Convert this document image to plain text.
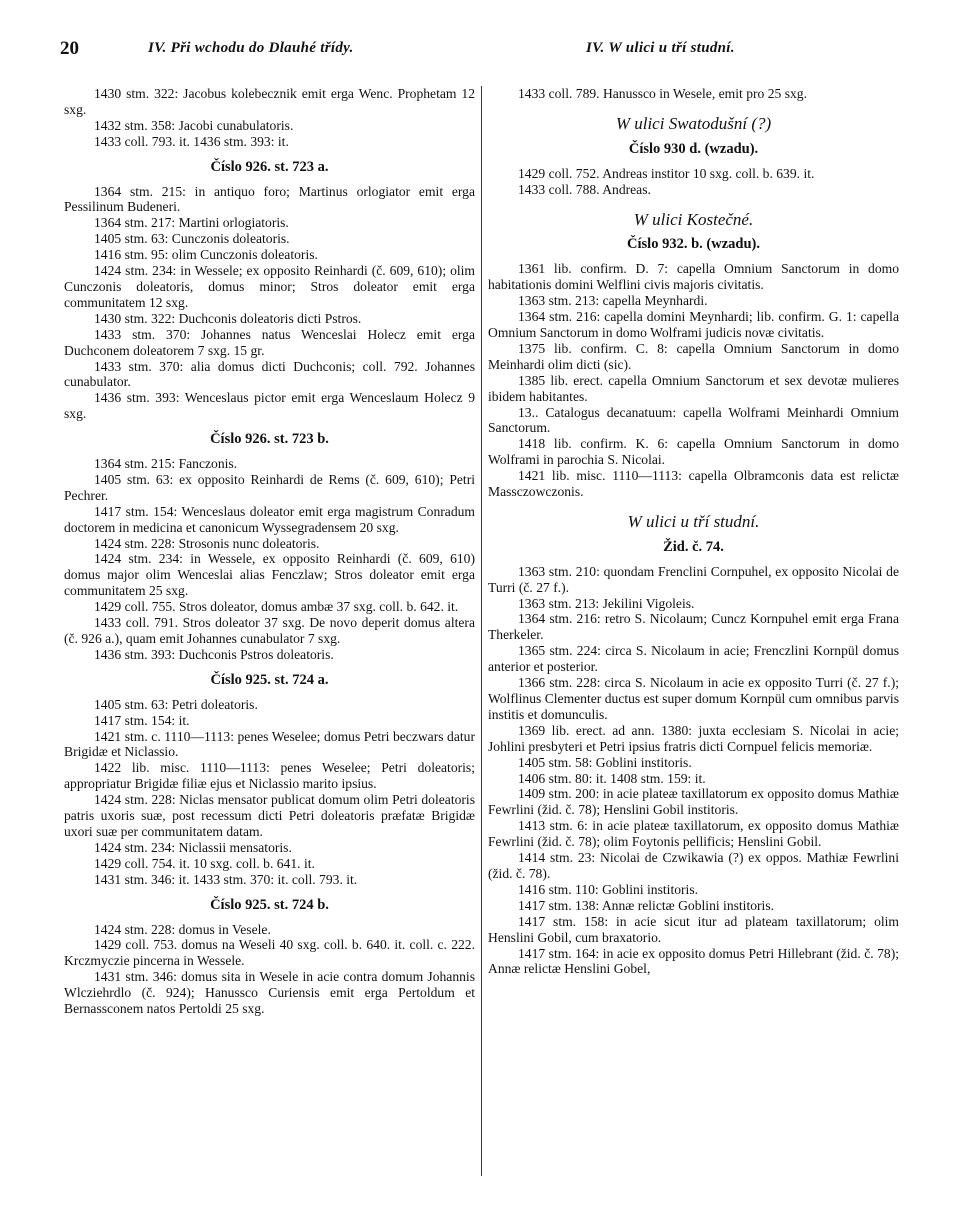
20	IV. Při wchodu do Dlauhé třídy.	IV. W ulici u tří studní.

1430 stm. 322: Jacobus kolebecznik emit erga Wenc. Prophetam 12 sxg.

1432 stm. 358: Jacobi cunabulatoris.

1433 coll. 793. it. 1436 stm. 393: it.

Číslo 926. st. 723 a.

1364 stm. 215: in antiquo foro; Martinus orlogiator emit erga Pessilinum Budeneri.

1364 stm. 217: Martini orlogiatoris.

1405 stm. 63: Cunczonis doleatoris.

1416 stm. 95: olim Cunczonis doleatoris.

1424 stm. 234: in Wessele; ex opposito Reinhardi (č. 609, 610); olim Cunczonis doleatoris, domus minor; Stros doleator emit erga communitatem 12 sxg.

1430 stm. 322: Duchconis doleatoris dicti Pstros.

1433 stm. 370: Johannes natus Wenceslai Holecz emit erga Duchconem doleatorem 7 sxg. 15 gr.

1433 stm. 370: alia domus dicti Duchconis; coll. 792. Johannes cunabulator.

1436 stm. 393: Wenceslaus pictor emit erga Wenceslaum Holecz 9 sxg.

Číslo 926. st. 723 b.

1364 stm. 215: Fanczonis.

1405 stm. 63: ex opposito Reinhardi de Rems (č. 609, 610); Petri Pechrer.

1417 stm. 154: Wenceslaus doleator emit erga magistrum Conradum doctorem in medicina et canonicum Wyssegradensem 20 sxg.

1424 stm. 228: Strosonis nunc doleatoris.

1424 stm. 234: in Wessele, ex opposito Reinhardi (č. 609, 610) domus major olim Wenceslai alias Fenczlaw; Stros doleator emit erga communitatem 25 sxg.

1429 coll. 755. Stros doleator, domus ambæ 37 sxg. coll. b. 642. it.

1433 coll. 791. Stros doleator 37 sxg. De novo deperit domus altera (č. 926 a.), quam emit Johannes cunabulator 7 sxg.

1436 stm. 393: Duchconis Pstros doleatoris.

Číslo 925. st. 724 a.

1405 stm. 63: Petri doleatoris.

1417 stm. 154: it.

1421 stm. c. 1110—1113: penes Weselee; domus Petri beczwars datur Brigidæ et Niclassio.

1422 lib. misc. 1110—1113: penes Weselee; Petri doleatoris; appropriatur Brigidæ filiæ ejus et Niclassio marito ipsius.

1424 stm. 228: Niclas mensator publicat domum olim Petri doleatoris patris uxoris suæ, post recessum dicti Petri doleatoris præfatæ Brigidæ uxori suæ per communitatem datam.

1424 stm. 234: Niclassii mensatoris.

1429 coll. 754. it. 10 sxg. coll. b. 641. it.

1431 stm. 346: it. 1433 stm. 370: it. coll. 793. it.

Číslo 925. st. 724 b.

1424 stm. 228: domus in Vesele.

1429 coll. 753. domus na Weseli 40 sxg. coll. b. 640. it. coll. c. 222. Krczmyczie pincerna in Wessele.

1431 stm. 346: domus sita in Wesele in acie contra domum Johannis Wlcziehrdlo (č. 924); Hanussco Curiensis emit erga Pertoldum et Bernassconem natos Pertoldi 25 sxg.

1433 coll. 789. Hanussco in Wesele, emit pro 25 sxg.

W ulici Swatodušní (?)
Číslo 930 d. (wzadu).

1429 coll. 752. Andreas institor 10 sxg. coll. b. 639. it.

1433 coll. 788. Andreas.

W ulici Kostečné.
Číslo 932. b. (wzadu).

1361 lib. confirm. D. 7: capella Omnium Sanctorum in domo habitationis domini Welflini civis majoris civitatis.

1363 stm. 213: capella Meynhardi.

1364 stm. 216: capella domini Meynhardi; lib. confirm. G. 1: capella Omnium Sanctorum in domo Wolframi judicis novæ civitatis.

1375 lib. confirm. C. 8: capella Omnium Sanctorum in domo Meinhardi olim dicti (sic).

1385 lib. erect. capella Omnium Sanctorum et sex devotæ mulieres ibidem habitantes.

13.. Catalogus decanatuum: capella Wolframi Meinhardi Omnium Sanctorum.

1418 lib. confirm. K. 6: capella Omnium Sanctorum in domo Wolframi in parochia S. Nicolai.

1421 lib. misc. 1110—1113: capella Olbramconis data est relictæ Massczowczonis.

W ulici u tří studní.
Žid. č. 74.

1363 stm. 210: quondam Frenclini Cornpuhel, ex opposito Nicolai de Turri (č. 27 f.).

1363 stm. 213: Jekilini Vigoleis.

1364 stm. 216: retro S. Nicolaum; Cuncz Kornpuhel emit erga Frana Therkeler.

1365 stm. 224: circa S. Nicolaum in acie; Frenczlini Kornpül domus anterior et posterior.

1366 stm. 228: circa S. Nicolaum in acie ex opposito Turri (č. 27 f.); Wolflinus Clementer ductus est super domum Kornpül cum omnibus parvis institis et domunculis.

1369 lib. erect. ad ann. 1380: juxta ecclesiam S. Nicolai in acie; Johlini presbyteri et Petri ipsius fratris dicti Cornpuel felicis memoriæ.

1405 stm. 58: Goblini institoris.

1406 stm. 80: it. 1408 stm. 159: it.

1409 stm. 200: in acie plateæ taxillatorum ex opposito domus Mathiæ Fewrlini (žid. č. 78); Henslini Gobil institoris.

1413 stm. 6: in acie plateæ taxillatorum, ex opposito domus Mathiæ Fewrlini (žid. č. 78); olim Foytonis pellificis; Henslini Gobil.

1414 stm. 23: Nicolai de Czwikawia (?) ex oppos. Mathiæ Fewrlini (žid. č. 78).

1416 stm. 110: Goblini institoris.

1417 stm. 138: Annæ relictæ Goblini institoris.

1417 stm. 158: in acie sicut itur ad plateam taxillatorum; olim Henslini Gobil, cum braxatorio.

1417 stm. 164: in acie ex opposito domus Petri Hillebrant (žid. č. 78); Annæ relictæ Henslini Gobel,
